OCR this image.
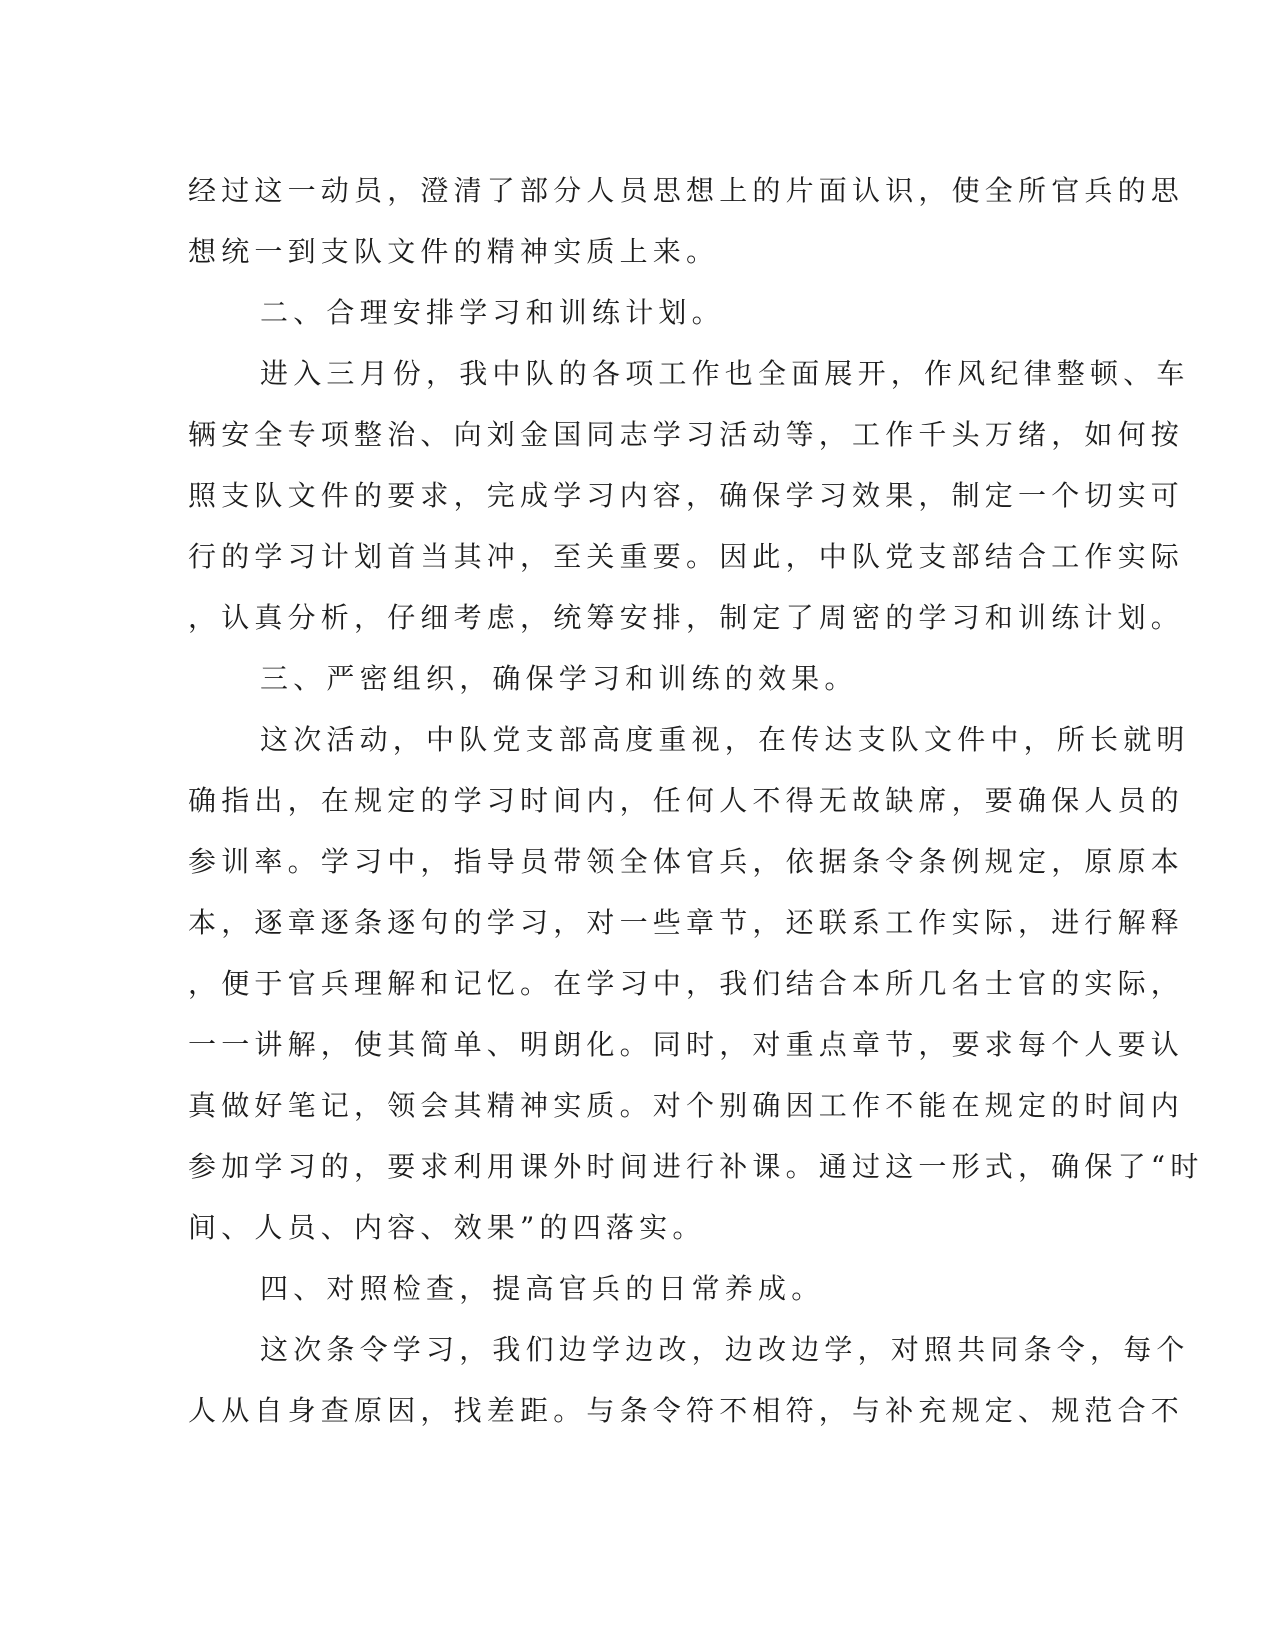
经过这一动员，澄清了部分人员思想上的片面认识，使全所官兵的思
想统一到支队文件的精神实质上来。
二、合理安排学习和训练计划。
进入三月份，我中队的各项工作也全面展开，作风纪律整顿、车
辆安全专项整治、向刘金国同志学习活动等，工作千头万绪，如何按
照支队文件的要求，完成学习内容，确保学习效果，制定一个切实可
行的学习计划首当其冲，至关重要。因此，中队党支部结合工作实际
，认真分析，仔细考虑，统筹安排，制定了周密的学习和训练计划。
三、严密组织，确保学习和训练的效果。
这次活动，中队党支部高度重视，在传达支队文件中，所长就明
确指出，在规定的学习时间内，任何人不得无故缺席，要确保人员的
参训率。学习中，指导员带领全体官兵，依据条令条例规定，原原本
本，逐章逐条逐句的学习，对一些章节，还联系工作实际，进行解释
，便于官兵理解和记忆。在学习中，我们结合本所几名士官的实际，
一一讲解，使其简单、明朗化。同时，对重点章节，要求每个人要认
真做好笔记，领会其精神实质。对个别确因工作不能在规定的时间内
参加学习的，要求利用课外时间进行补课。通过这一形式，确保了“时
间、人员、内容、效果”的四落实。
四、对照检查，提高官兵的日常养成。
这次条令学习，我们边学边改，边改边学，对照共同条令，每个
人从自身查原因，找差距。与条令符不相符，与补充规定、规范合不
